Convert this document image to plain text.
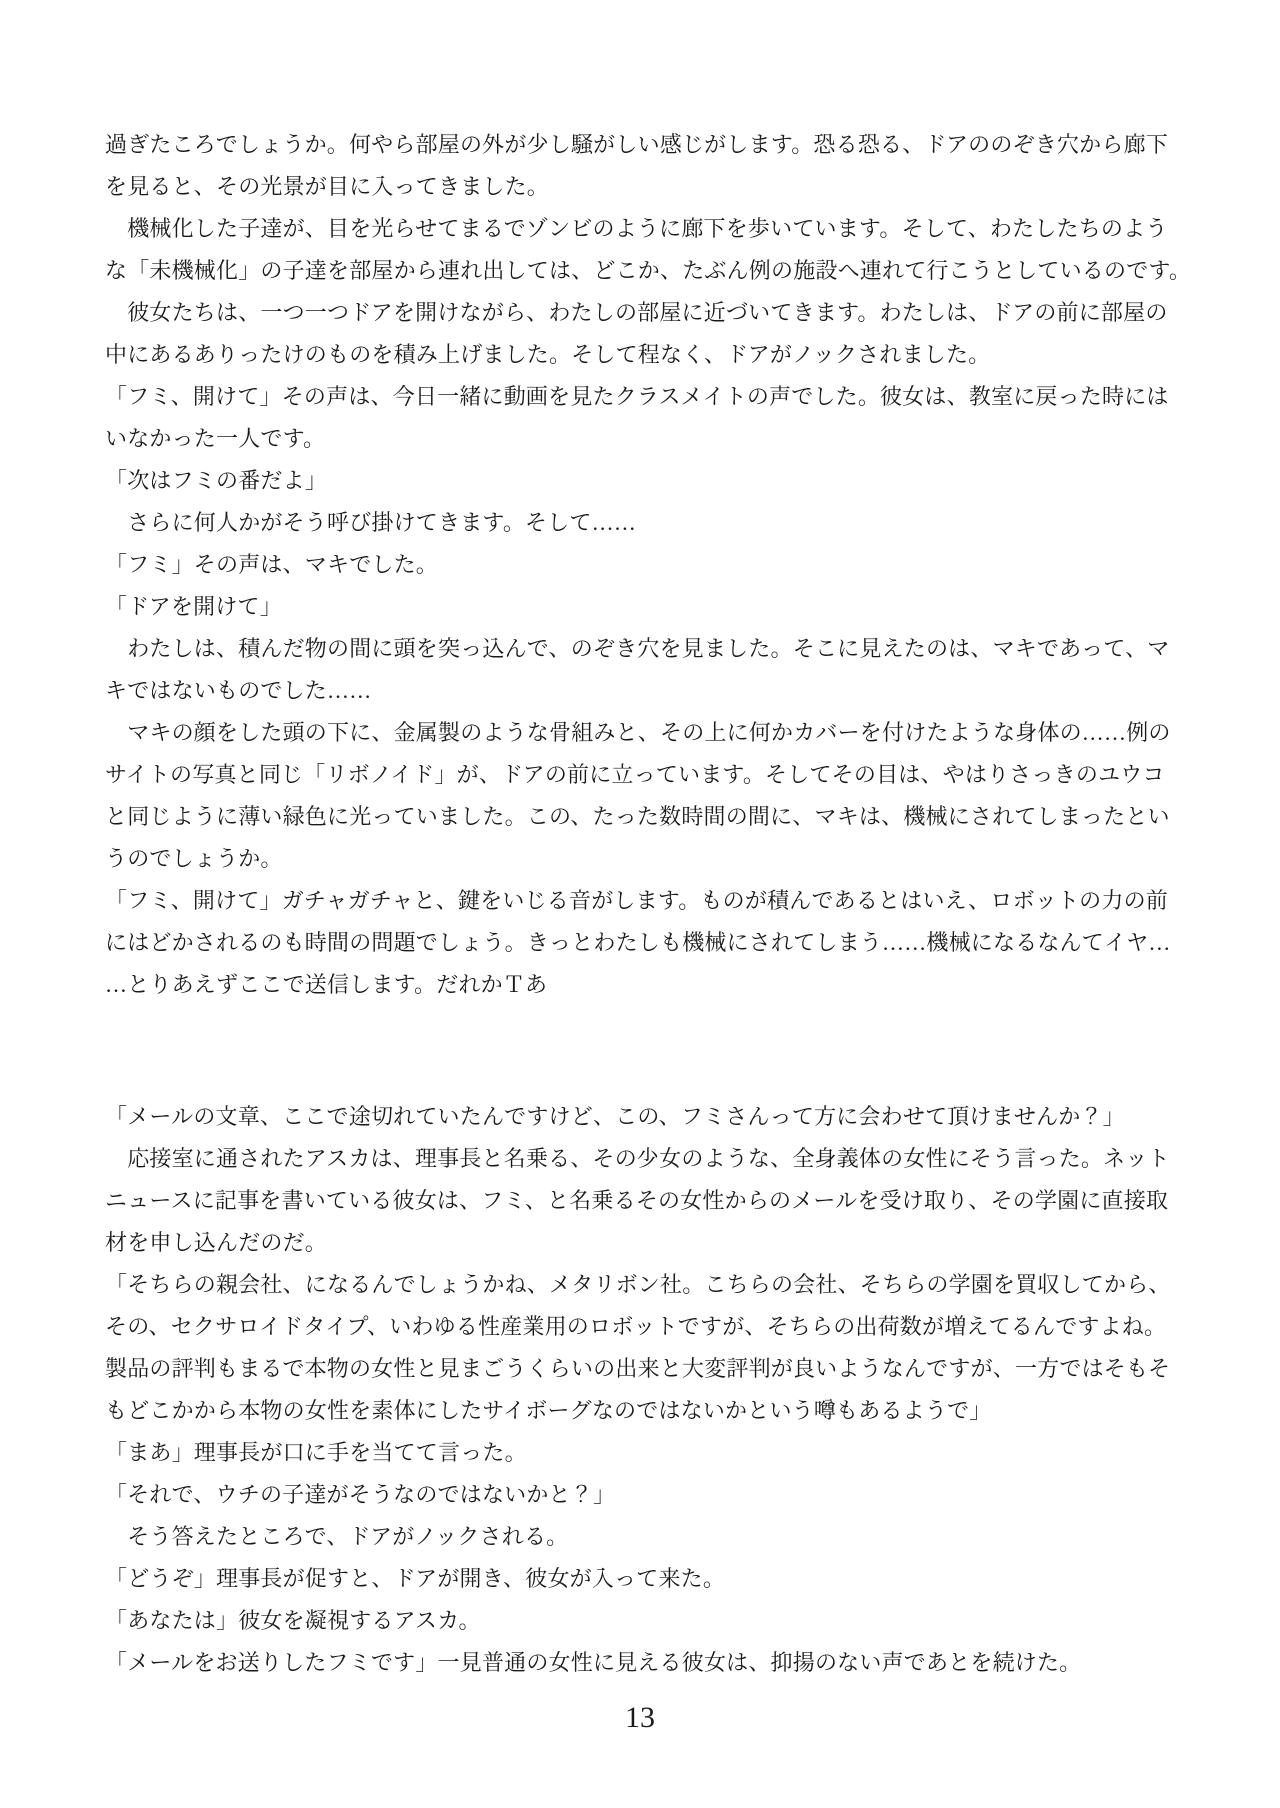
過ぎたころでしょうか。何やら部屋の外が少し騒がしい感じがします。恐る恐る、ドアののぞき穴から廊下
を見ると、その光景が目に入ってきました。
　機械化した子達が、目を光らせてまるでゾンビのように廊下を歩いています。そして、わたしたちのよう
な「未機械化」の子達を部屋から連れ出しては、どこか、たぶん例の施設へ連れて行こうとしているのです。
　彼女たちは、一つ一つドアを開けながら、わたしの部屋に近づいてきます。わたしは、ドアの前に部屋の
中にあるありったけのものを積み上げました。そして程なく、ドアがノックされました。
「フミ、開けて」その声は、今日一緒に動画を見たクラスメイトの声でした。彼女は、教室に戻った時には
いなかった一人です。
「次はフミの番だよ」
　さらに何人かがそう呼び掛けてきます。そして……
「フミ」その声は、マキでした。
「ドアを開けて」
　わたしは、積んだ物の間に頭を突っ込んで、のぞき穴を見ました。そこに見えたのは、マキであって、マ
キではないものでした……
　マキの顔をした頭の下に、金属製のような骨組みと、その上に何かカバーを付けたような身体の……例の
サイトの写真と同じ「リボノイド」が、ドアの前に立っています。そしてその目は、やはりさっきのユウコ
と同じように薄い緑色に光っていました。この、たった数時間の間に、マキは、機械にされてしまったとい
うのでしょうか。
「フミ、開けて」ガチャガチャと、鍵をいじる音がします。ものが積んであるとはいえ、ロボットの力の前
にはどかされるのも時間の問題でしょう。きっとわたしも機械にされてしまう……機械になるなんてイヤ…
…とりあえずここで送信します。だれかＴあ
「メールの文章、ここで途切れていたんですけど、この、フミさんって方に会わせて頂けませんか？」
　応接室に通されたアスカは、理事長と名乗る、その少女のような、全身義体の女性にそう言った。ネット
ニュースに記事を書いている彼女は、フミ、と名乗るその女性からのメールを受け取り、その学園に直接取
材を申し込んだのだ。
「そちらの親会社、になるんでしょうかね、メタリボン社。こちらの会社、そちらの学園を買収してから、
その、セクサロイドタイプ、いわゆる性産業用のロボットですが、そちらの出荷数が増えてるんですよね。
製品の評判もまるで本物の女性と見まごうくらいの出来と大変評判が良いようなんですが、一方ではそもそ
もどこかから本物の女性を素体にしたサイボーグなのではないかという噂もあるようで」
「まあ」理事長が口に手を当てて言った。
「それで、ウチの子達がそうなのではないかと？」
　そう答えたところで、ドアがノックされる。
「どうぞ」理事長が促すと、ドアが開き、彼女が入って来た。
「あなたは」彼女を凝視するアスカ。
「メールをお送りしたフミです」一見普通の女性に見える彼女は、抑揚のない声であとを続けた。
13
